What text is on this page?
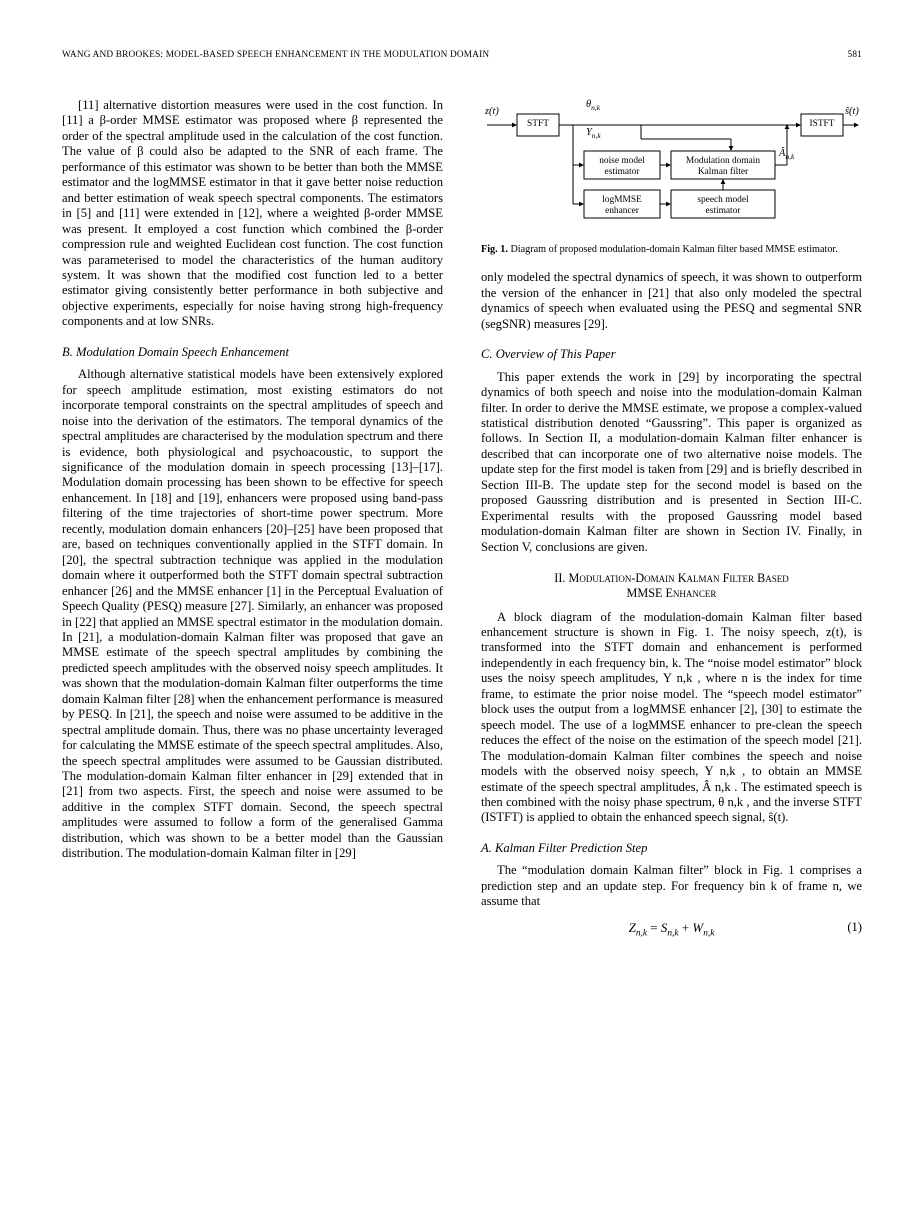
WANG AND BROOKES: MODEL-BASED SPEECH ENHANCEMENT IN THE MODULATION DOMAIN	581

[11] alternative distortion measures were used in the cost function. In [11] a β-order MMSE estimator was proposed where β represented the order of the spectral amplitude used in the calculation of the cost function. The value of β could also be adapted to the SNR of each frame. The performance of this estimator was shown to be better than both the MMSE estimator and the logMMSE estimator in that it gave better noise reduction and better estimation of weak speech spectral components. The estimators in [5] and [11] were extended in [12], where a weighted β-order MMSE was present. It employed a cost function which combined the β-order compression rule and weighted Euclidean cost function. The cost function was parameterised to model the characteristics of the human auditory system. It was shown that the modified cost function led to a better estimator giving consistently better performance in both subjective and objective experiments, especially for noise having strong high-frequency components and at low SNRs.

B. Modulation Domain Speech Enhancement

Although alternative statistical models have been extensively explored for speech amplitude estimation, most existing estimators do not incorporate temporal constraints on the spectral amplitudes of speech and noise into the derivation of the estimators. The temporal dynamics of the spectral amplitudes are characterised by the modulation spectrum and there is evidence, both physiological and psychoacoustic, to support the significance of the modulation domain in speech processing [13]–[17]. Modulation domain processing has been shown to be effective for speech enhancement. In [18] and [19], enhancers were proposed using band-pass filtering of the time trajectories of short-time power spectrum. More recently, modulation domain enhancers [20]–[25] have been proposed that are, based on techniques conventionally applied in the STFT domain. In [20], the spectral subtraction technique was applied in the modulation domain where it outperformed both the STFT domain spectral subtraction enhancer [26] and the MMSE enhancer [1] in the Perceptual Evaluation of Speech Quality (PESQ) measure [27]. Similarly, an enhancer was proposed in [22] that applied an MMSE spectral estimator in the modulation domain. In [21], a modulation-domain Kalman filter was proposed that gave an MMSE estimate of the speech spectral amplitudes by combining the predicted speech amplitudes with the observed noisy speech amplitudes. It was shown that the modulation-domain Kalman filter outperforms the time domain Kalman filter [28] when the enhancement performance is measured by PESQ. In [21], the speech and noise were assumed to be additive in the spectral amplitude domain. Thus, there was no phase uncertainty leveraged for calculating the MMSE estimate of the speech spectral amplitudes. Also, the speech spectral amplitudes were assumed to be Gaussian distributed. The modulation-domain Kalman filter enhancer in [29] extended that in [21] from two aspects. First, the speech and noise were assumed to be additive in the complex STFT domain. Second, the speech spectral amplitudes were assumed to follow a form of the generalised Gamma distribution, which was shown to be a better model than the Gaussian distribution. The modulation-domain Kalman filter in [29]

z(t)	ŝ(t)
$\theta_{n,k}$
$Y_{n,k}$
$Â_{n,k}$
STFT	ISTFT
noise model
estimator
Modulation domain
Kalman filter
logMMSE
enhancer
speech model
estimator

Fig. 1. Diagram of proposed modulation-domain Kalman filter based MMSE estimator.

only modeled the spectral dynamics of speech, it was shown to outperform the version of the enhancer in [21] that also only modeled the spectral dynamics of speech when evaluated using the PESQ and segmental SNR (segSNR) measures [29].

C. Overview of This Paper

This paper extends the work in [29] by incorporating the spectral dynamics of both speech and noise into the modulation-domain Kalman filter. In order to derive the MMSE estimate, we propose a complex-valued statistical distribution denoted “Gaussring”. This paper is organized as follows. In Section II, a modulation-domain Kalman filter enhancer is described that can incorporate one of two alternative noise models. The update step for the first model is taken from [29] and is briefly described in Section III-B. The update step for the second model is based on the proposed Gaussring distribution and is presented in Section III-C. Experimental results with the proposed Gaussring model based modulation-domain Kalman filter are shown in Section IV. Finally, in Section V, conclusions are given.

II. Modulation-Domain Kalman Filter Based
MMSE Enhancer

A block diagram of the modulation-domain Kalman filter based enhancement structure is shown in Fig. 1. The noisy speech, z(t), is transformed into the STFT domain and enhancement is performed independently in each frequency bin, k. The “noise model estimator” block uses the noisy speech amplitudes, Y n,k , where n is the index for time frame, to estimate the prior noise model. The “speech model estimator” block uses the output from a logMMSE enhancer [2], [30] to estimate the speech model. The use of a logMMSE enhancer to pre-clean the speech reduces the effect of the noise on the estimation of the speech model [21]. The modulation-domain Kalman filter combines the speech and noise models with the observed noisy speech, Y n,k , to obtain an MMSE estimate of the speech spectral amplitudes, Â n,k . The estimated speech is then combined with the noisy phase spectrum, θ n,k , and the inverse STFT (ISTFT) is applied to obtain the enhanced speech signal, ŝ(t).

A. Kalman Filter Prediction Step

The “modulation domain Kalman filter” block in Fig. 1 comprises a prediction step and an update step. For frequency bin k of frame n, we assume that

$Z_{n,k} = S_{n,k} + W_{n,k}$	(1)
